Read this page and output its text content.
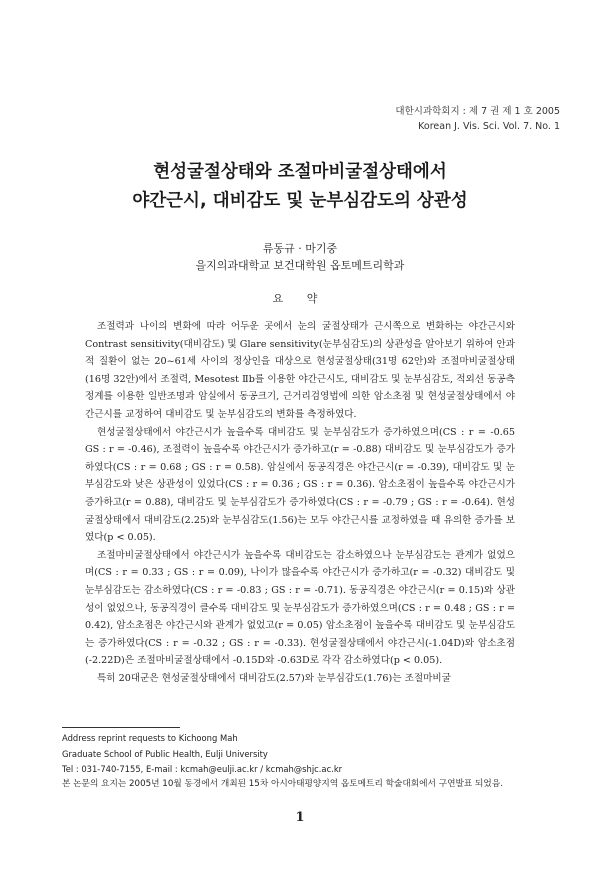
대한시과학회지 : 제 7 권 제 1 호 2005
Korean J. Vis. Sci. Vol. 7. No. 1
현성굴절상태와 조절마비굴절상태에서
야간근시, 대비감도 및 눈부심감도의 상관성
류동규 · 마기중
을지의과대학교 보건대학원 옵토메트리학과
요 약

조절력과 나이의 변화에 따라 어두운 곳에서 눈의 굴절상태가 근시쪽으로 변화하는 야간근시와 Contrast sensitivity(대비감도) 및 Glare sensitivity(눈부심감도)의 상관성을 알아보기 위하여 안과적 질환이 없는 20~61세 사이의 정상인을 대상으로 현성굴절상태(31명 62안)와 조절마비굴절상태(16명 32안)에서 조절력, Mesotest Ⅱb를 이용한 야간근시도, 대비감도 및 눈부심감도, 적외선 동공측정계를 이용한 일반조명과 암실에서 동공크기, 근거리검영법에 의한 암소초점 및 현성굴절상태에서 야간근시를 교정하여 대비감도 및 눈부심감도의 변화를 측정하였다.

현성굴절상태에서 야간근시가 높을수록 대비감도 및 눈부심감도가 증가하였으며(CS : r = -0.65 GS : r = -0.46), 조절력이 높을수록 야간근시가 증가하고(r = -0.88) 대비감도 및 눈부심감도가 증가하였다(CS : r = 0.68 ; GS : r = 0.58). 암실에서 동공직경은 야간근시(r = -0.39), 대비감도 및 눈부심감도와 낮은 상관성이 있었다(CS : r = 0.36 ; GS : r = 0.36). 암소초점이 높을수록 야간근시가 증가하고(r = 0.88), 대비감도 및 눈부심감도가 증가하였다(CS : r = -0.79 ; GS : r = -0.64). 현성굴절상태에서 대비감도(2.25)와 눈부심감도(1.56)는 모두 야간근시를 교정하였을 때 유의한 증가를 보였다(p < 0.05).

조절마비굴절상태에서 야간근시가 높을수록 대비감도는 감소하였으나 눈부심감도는 관계가 없었으며(CS : r = 0.33 ; GS : r = 0.09), 나이가 많을수록 야간근시가 증가하고(r = -0.32) 대비감도 및 눈부심감도는 감소하였다(CS : r = -0.83 ; GS : r = -0.71). 동공직경은 야간근시(r = 0.15)와 상관성이 없었으나, 동공직경이 클수록 대비감도 및 눈부심감도가 증가하였으며(CS : r = 0.48 ; GS : r = 0.42), 암소초점은 야간근시와 관계가 없었고(r = 0.05) 암소초점이 높을수록 대비감도 및 눈부심감도는 증가하였다(CS : r = -0.32 ; GS : r = -0.33). 현성굴절상태에서 야간근시(-1.04D)와 암소초점(-2.22D)은 조절마비굴절상태에서 -0.15D와 -0.63D로 각각 감소하였다(p < 0.05).

특히 20대군은 현성굴절상태에서 대비감도(2.57)와 눈부심감도(1.76)는 조절마비굴

Address reprint requests to Kichoong Mah
Graduate School of Public Health, Eulji University
Tel : 031-740-7155, E-mail : kcmah@eulji.ac.kr / kcmah@shjc.ac.kr
본 논문의 요지는 2005년 10월 동경에서 개최된 15차 아시아태평양지역 옵토메트리 학술대회에서 구연발표 되었음.
1
